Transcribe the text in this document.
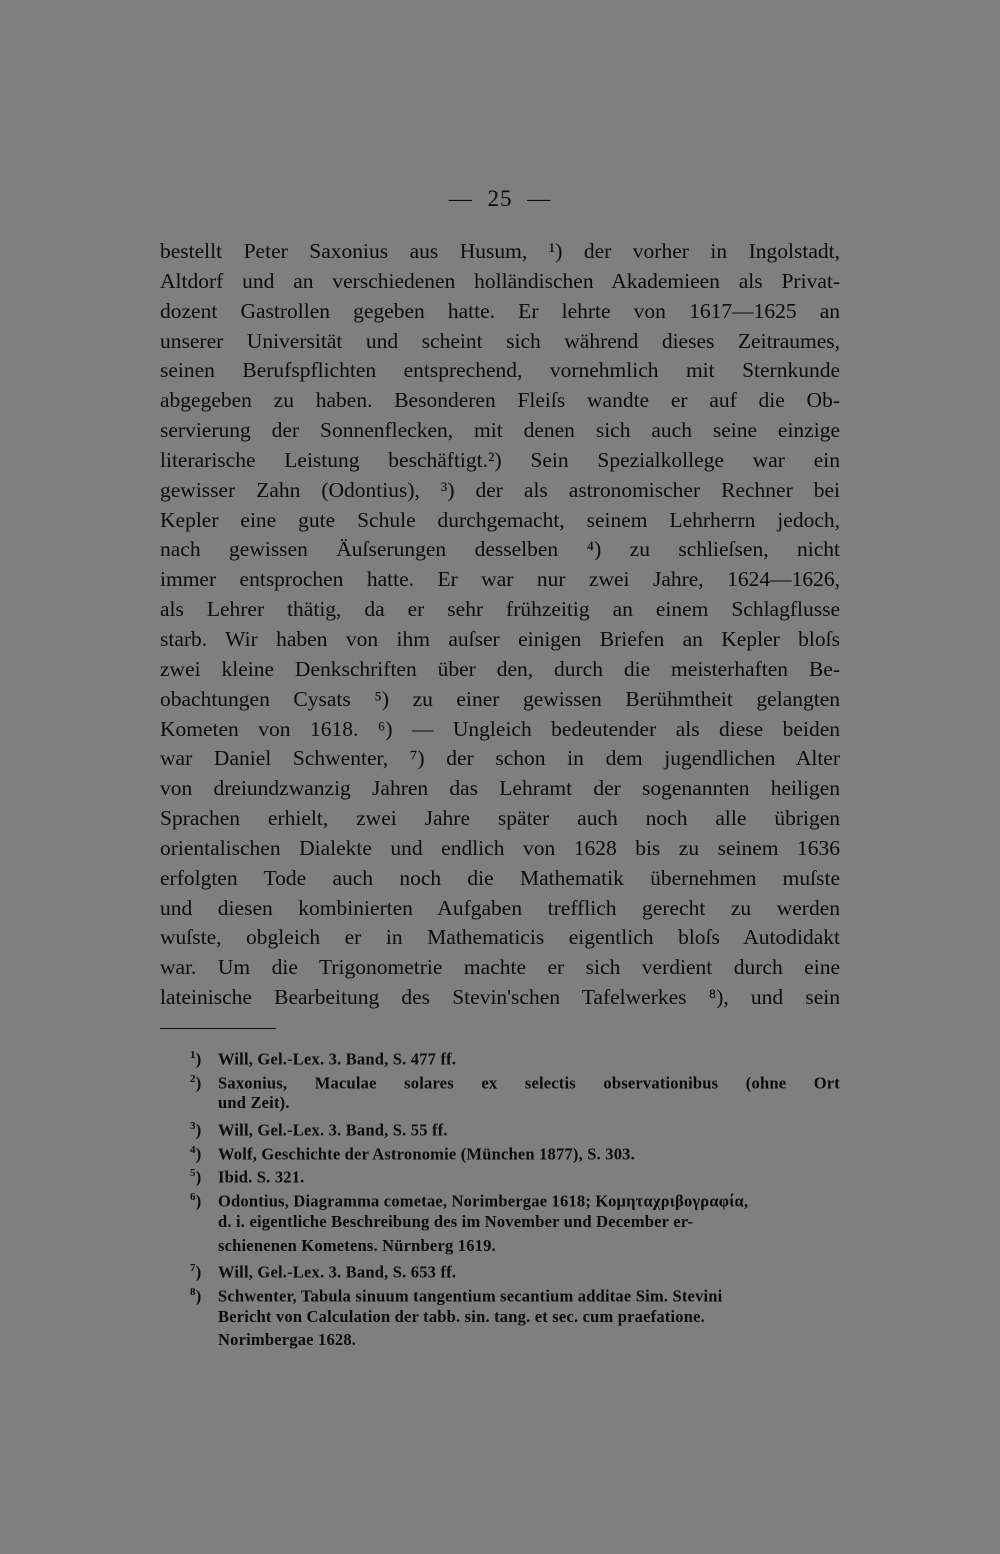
— 25 —
bestellt Peter Saxonius aus Husum, ¹) der vorher in Ingolstadt,
Altdorf und an verschiedenen holländischen Akademieen als Privat-
dozent Gastrollen gegeben hatte. Er lehrte von 1617—1625 an
unserer Universität und scheint sich während dieses Zeitraumes,
seinen Berufspflichten entsprechend, vornehmlich mit Sternkunde
abgegeben zu haben. Besonderen Fleiſs wandte er auf die Ob-
servierung der Sonnenflecken, mit denen sich auch seine einzige
literarische Leistung beschäftigt.²) Sein Spezialkollege war ein
gewisser Zahn (Odontius), ³) der als astronomischer Rechner bei
Kepler eine gute Schule durchgemacht, seinem Lehrherrn jedoch,
nach gewissen Äuſserungen desselben ⁴) zu schlieſsen, nicht
immer entsprochen hatte. Er war nur zwei Jahre, 1624—1626,
als Lehrer thätig, da er sehr frühzeitig an einem Schlagflusse
starb. Wir haben von ihm auſser einigen Briefen an Kepler bloſs
zwei kleine Denkschriften über den, durch die meisterhaften Be-
obachtungen Cysats ⁵) zu einer gewissen Berühmtheit gelangten
Kometen von 1618. ⁶) — Ungleich bedeutender als diese beiden
war Daniel Schwenter, ⁷) der schon in dem jugendlichen Alter
von dreiundzwanzig Jahren das Lehramt der sogenannten heiligen
Sprachen erhielt, zwei Jahre später auch noch alle übrigen
orientalischen Dialekte und endlich von 1628 bis zu seinem 1636
erfolgten Tode auch noch die Mathematik übernehmen muſste
und diesen kombinierten Aufgaben trefflich gerecht zu werden
wuſste, obgleich er in Mathematicis eigentlich bloſs Autodidakt
war. Um die Trigonometrie machte er sich verdient durch eine
lateinische Bearbeitung des Stevin'schen Tafelwerkes ⁸), und sein
$^1$) Will, Gel.-Lex. 3. Band, S. 477 ff.
$^2$) Saxonius, Maculae solares ex selectis observationibus (ohne Ort
und Zeit).
$^3$) Will, Gel.-Lex. 3. Band, S. 55 ff.
$^4$) Wolf, Geschichte der Astronomie (München 1877), S. 303.
$^5$) Ibid. S. 321.
$^6$) Odontius, Diagramma cometae, Norimbergae 1618; Κομηταχριβογραφία,
d. i. eigentliche Beschreibung des im November und December er-
schienenen Kometens. Nürnberg 1619.
$^7$) Will, Gel.-Lex. 3. Band, S. 653 ff.
$^8$) Schwenter, Tabula sinuum tangentium secantium additae Sim. Stevini
Bericht von Calculation der tabb. sin. tang. et sec. cum praefatione.
Norimbergae 1628.
